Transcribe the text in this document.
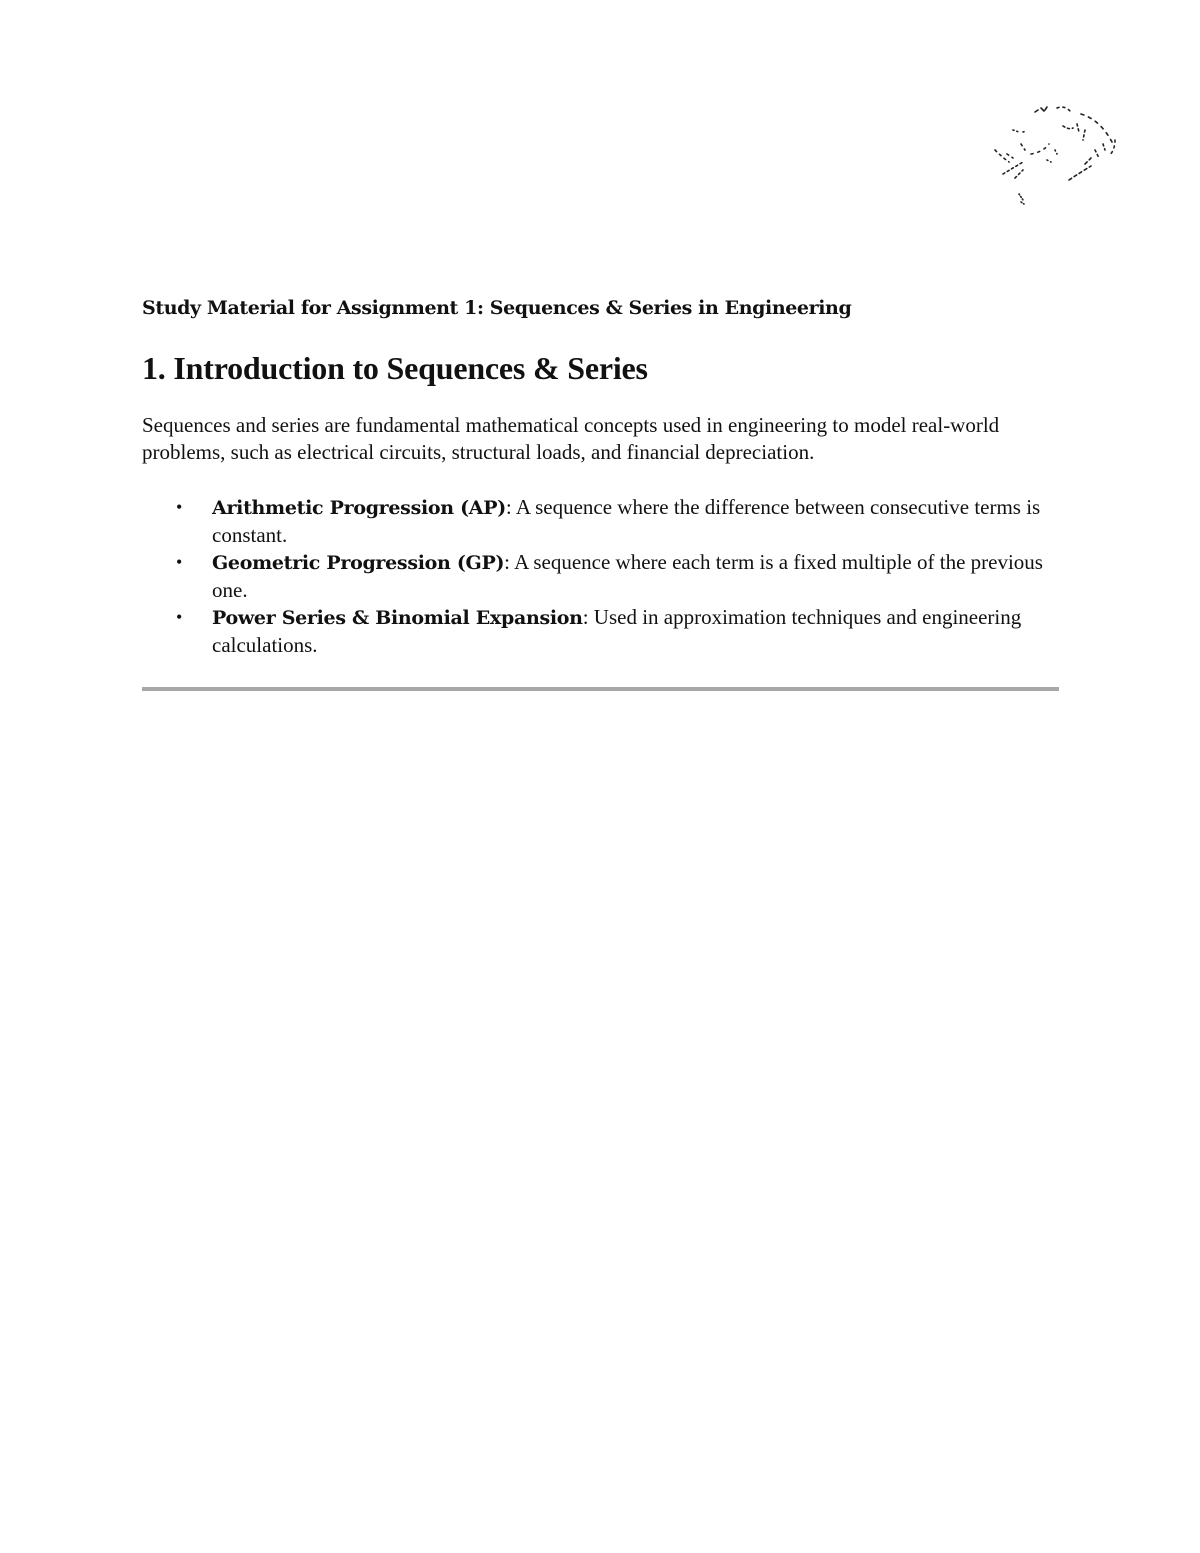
Study Material for Assignment 1: Sequences & Series in Engineering

1. Introduction to Sequences & Series

Sequences and series are fundamental mathematical concepts used in engineering to model real-world problems, such as electrical circuits, structural loads, and financial depreciation.

• Arithmetic Progression (AP): A sequence where the difference between consecutive terms is constant.
• Geometric Progression (GP): A sequence where each term is a fixed multiple of the previous one.
• Power Series & Binomial Expansion: Used in approximation techniques and engineering calculations.
